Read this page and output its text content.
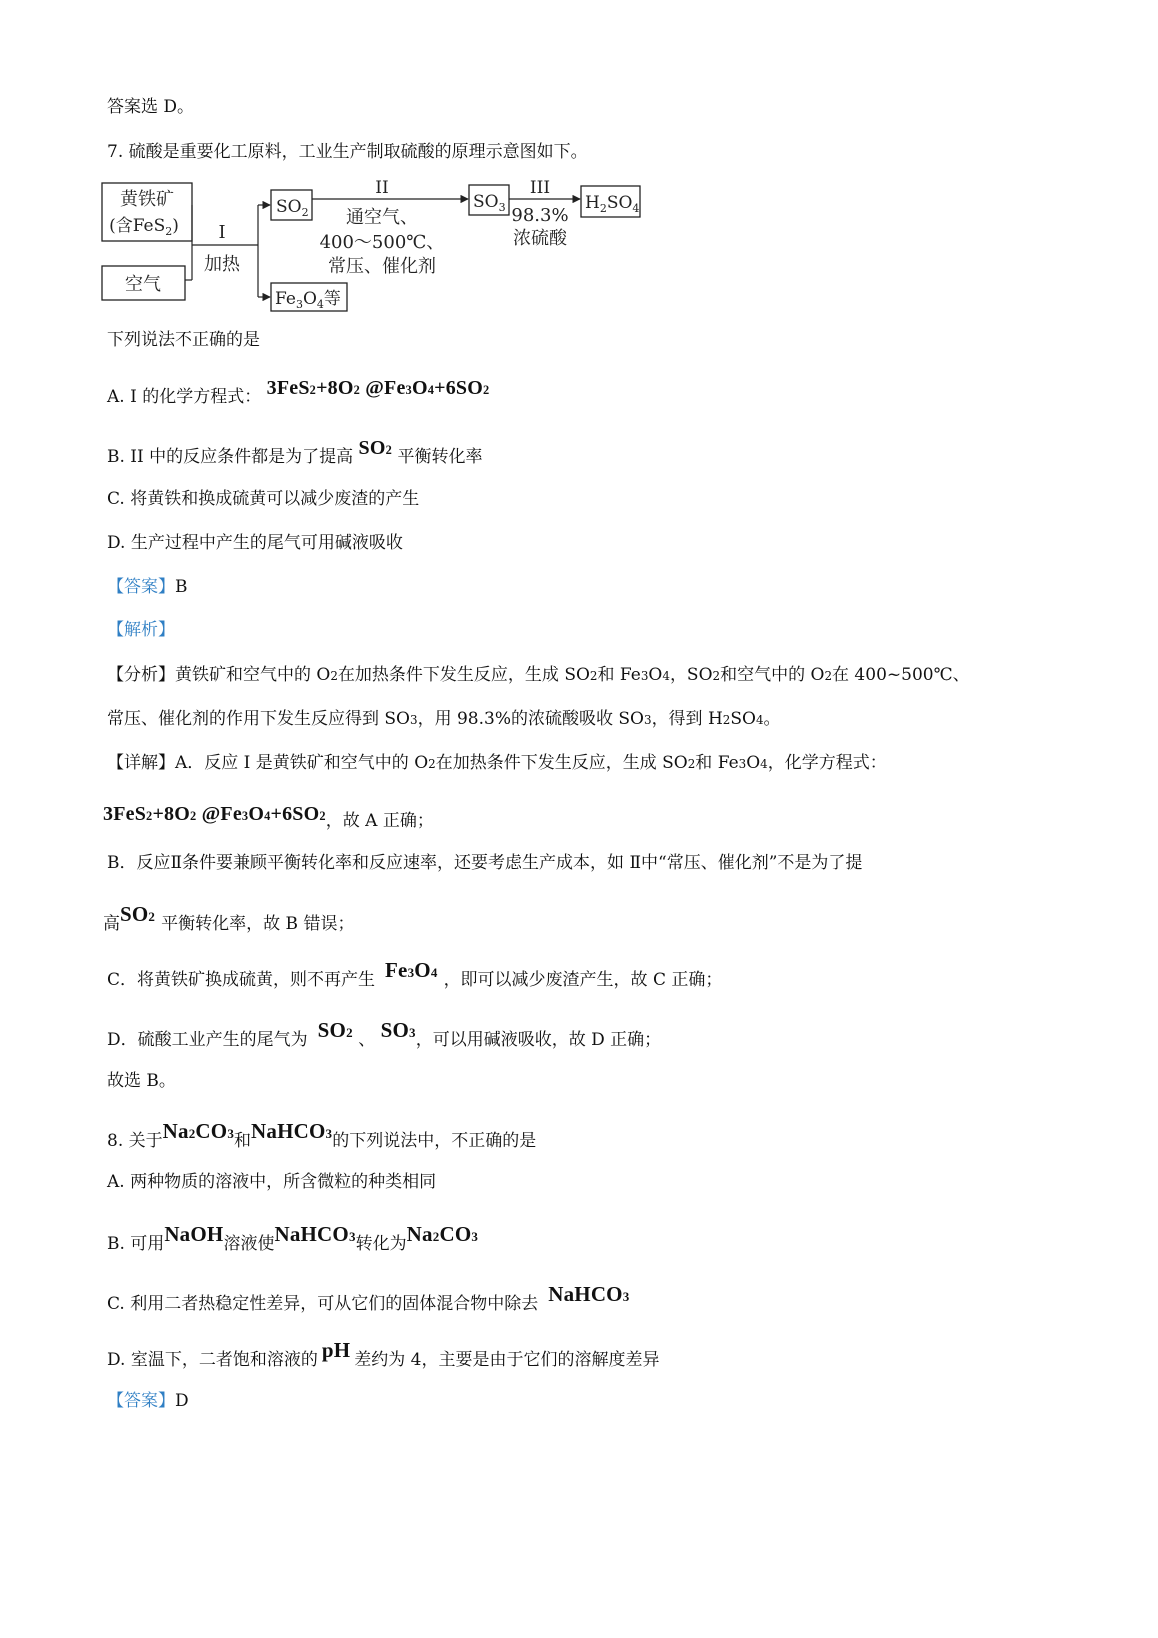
答案选 D。
7. 硫酸是重要化工原料，工业生产制取硫酸的原理示意图如下。
黄铁矿
(含FeS$_2$)
空气
I
加热
$SO_2$
II
通空气、
400～500℃、
常压、催化剂
$SO_3$
III
98.3%
浓硫酸
$H_2SO_4$
$Fe_3O_4$等
下列说法不正确的是
A. I 的化学方程式： $3FeS_2+8O_2$ $@Fe_3O_4+6SO_2$
B. II 中的反应条件都是为了提高 $SO_2$ 平衡转化率
C. 将黄铁和换成硫黄可以减少废渣的产生
D. 生产过程中产生的尾气可用碱液吸收
【答案】B
【解析】
【分析】黄铁矿和空气中的 $O_2$在加热条件下发生反应，生成 $SO_2$和 $Fe_3O_4$，$SO_2$和空气中的 $O_2$在 400~500℃、
常压、催化剂的作用下发生反应得到 $SO_3$，用 98.3%的浓硫酸吸收 $SO_3$，得到 $H_2SO_4$。
【详解】A．反应 I 是黄铁矿和空气中的 $O_2$在加热条件下发生反应，生成 $SO_2$和 $Fe_3O_4$，化学方程式：
$3FeS_2+8O_2$ $@Fe_3O_4+6SO_2$，故 A 正确；
B．反应Ⅱ条件要兼顾平衡转化率和反应速率，还要考虑生产成本，如 Ⅱ中“常压、催化剂”不是为了提
高$SO_2$ 平衡转化率，故 B 错误；
C．将黄铁矿换成硫黄，则不再产生 $Fe_3O_4$ ，即可以减少废渣产生，故 C 正确；
D．硫酸工业产生的尾气为 $SO_2$ 、 $SO_3$，可以用碱液吸收，故 D 正确；
故选 B。
8. 关于$Na_2CO_3$和NaHCO$_3$的下列说法中，不正确的是
A. 两种物质的溶液中，所含微粒的种类相同
B. 可用NaOH溶液使NaHCO$_3$转化为$Na_2CO_3$
C. 利用二者热稳定性差异，可从它们的固体混合物中除去 NaHCO$_3$
D. 室温下，二者饱和溶液的 pH 差约为 4，主要是由于它们的溶解度差异
【答案】D
